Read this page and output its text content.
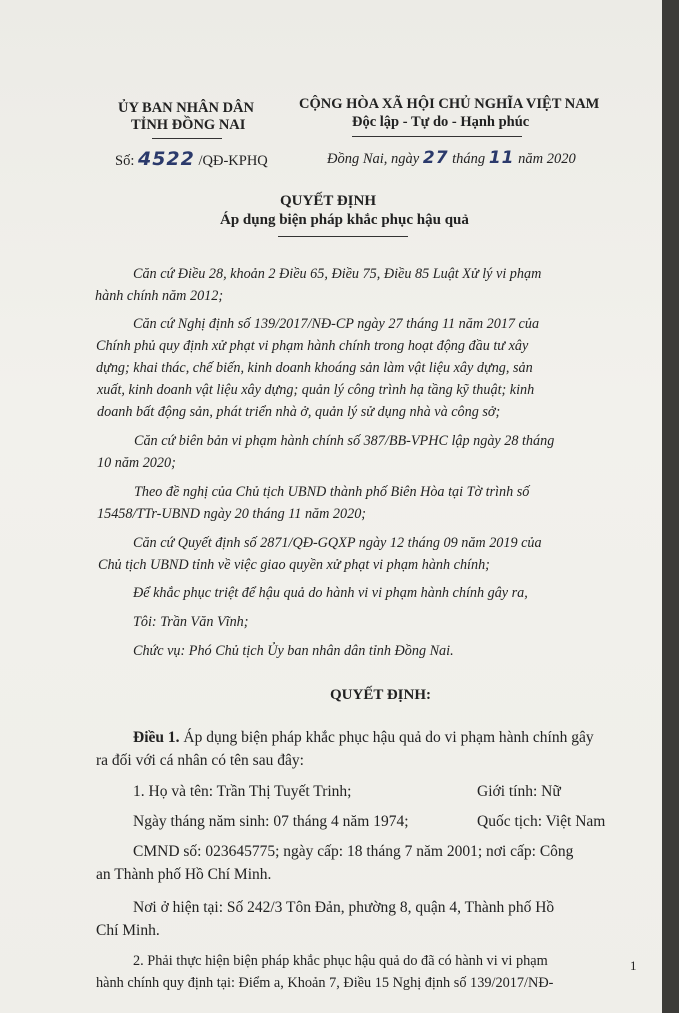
ỦY BAN NHÂN DÂN
TỈNH ĐỒNG NAI
CỘNG HÒA XÃ HỘI CHỦ NGHĨA VIỆT NAM
Độc lập - Tự do - Hạnh phúc
Số: 4522 /QĐ-KPHQ	Đồng Nai, ngày 27 tháng 11 năm 2020
QUYẾT ĐỊNH
Áp dụng biện pháp khắc phục hậu quả
Căn cứ Điều 28, khoản 2 Điều 65, Điều 75, Điều 85 Luật Xử lý vi phạm
hành chính năm 2012;
Căn cứ Nghị định số 139/2017/NĐ-CP ngày 27 tháng 11 năm 2017 của
Chính phủ quy định xử phạt vi phạm hành chính trong hoạt động đầu tư xây
dựng; khai thác, chế biến, kinh doanh khoáng sản làm vật liệu xây dựng, sản
xuất, kinh doanh vật liệu xây dựng; quản lý công trình hạ tầng kỹ thuật; kinh
doanh bất động sản, phát triển nhà ở, quản lý sử dụng nhà và công sở;
Căn cứ biên bản vi phạm hành chính số 387/BB-VPHC lập ngày 28 tháng
10 năm 2020;
Theo đề nghị của Chủ tịch UBND thành phố Biên Hòa tại Tờ trình số
15458/TTr-UBND ngày 20 tháng 11 năm 2020;
Căn cứ Quyết định số 2871/QĐ-GQXP ngày 12 tháng 09 năm 2019 của
Chủ tịch UBND tỉnh về việc giao quyền xử phạt vi phạm hành chính;
Để khắc phục triệt để hậu quả do hành vi vi phạm hành chính gây ra,
Tôi: Trần Văn Vĩnh;
Chức vụ: Phó Chủ tịch Ủy ban nhân dân tỉnh Đồng Nai.
QUYẾT ĐỊNH:
Điều 1. Áp dụng biện pháp khắc phục hậu quả do vi phạm hành chính gây
ra đối với cá nhân có tên sau đây:
1. Họ và tên: Trần Thị Tuyết Trinh;	Giới tính: Nữ
Ngày tháng năm sinh: 07 tháng 4 năm 1974;	Quốc tịch: Việt Nam
CMND số: 023645775; ngày cấp: 18 tháng 7 năm 2001; nơi cấp: Công
an Thành phố Hồ Chí Minh.
Nơi ở hiện tại: Số 242/3 Tôn Đản, phường 8, quận 4, Thành phố Hồ
Chí Minh.
2. Phải thực hiện biện pháp khắc phục hậu quả do đã có hành vi vi phạm
hành chính quy định tại: Điểm a, Khoản 7, Điều 15 Nghị định số 139/2017/NĐ-
1
